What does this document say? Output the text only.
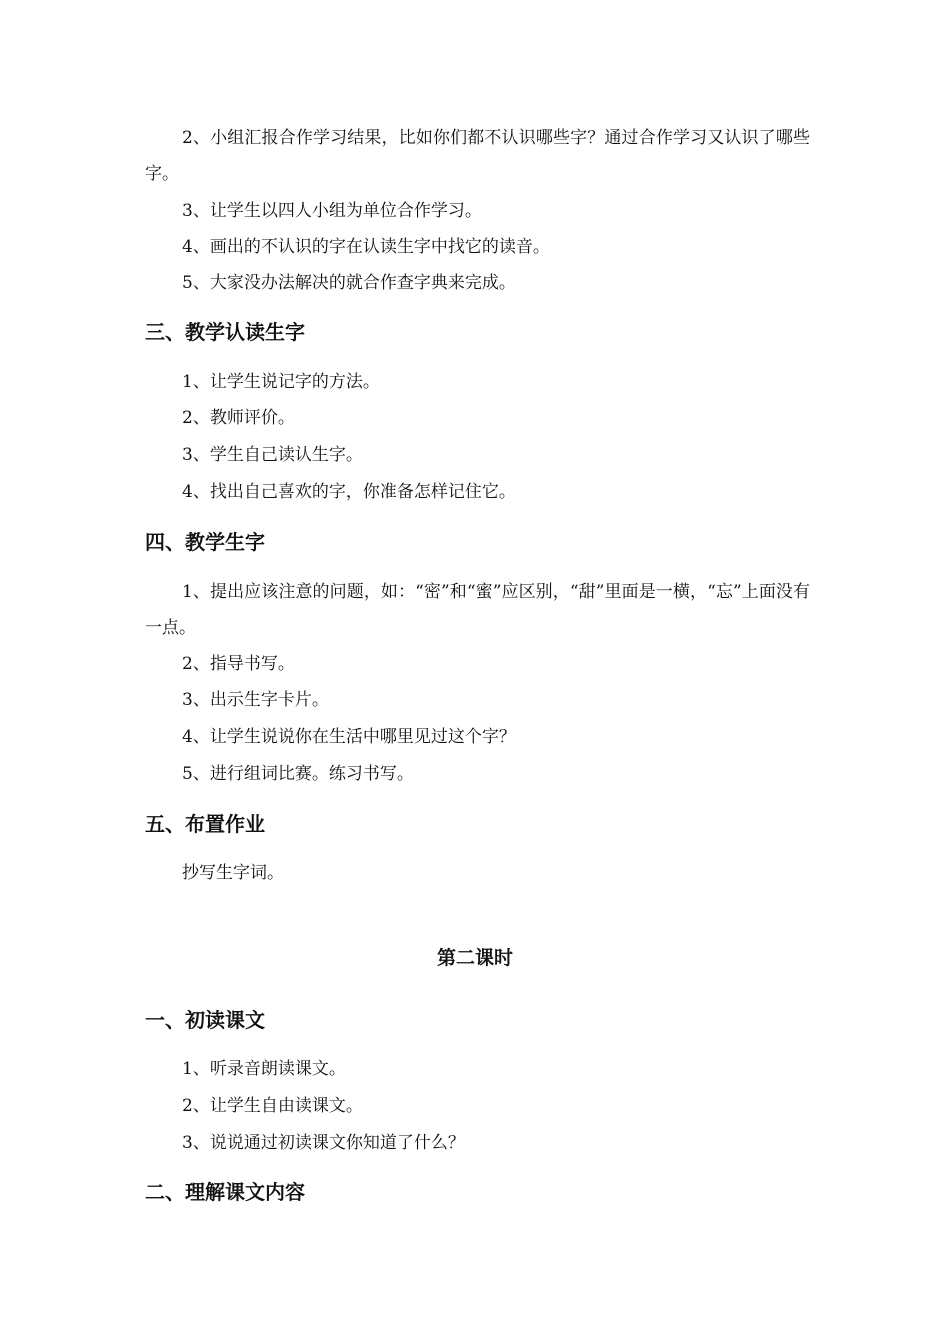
2、小组汇报合作学习结果，比如你们都不认识哪些字？通过合作学习又认识了哪些字。
3、让学生以四人小组为单位合作学习。
4、画出的不认识的字在认读生字中找它的读音。
5、大家没办法解决的就合作查字典来完成。
三、教学认读生字
1、让学生说记字的方法。
2、教师评价。
3、学生自己读认生字。
4、找出自己喜欢的字，你准备怎样记住它。
四、教学生字
1、提出应该注意的问题，如：“密”和“蜜”应区别，“甜”里面是一横，“忘”上面没有一点。
2、指导书写。
3、出示生字卡片。
4、让学生说说你在生活中哪里见过这个字？
5、进行组词比赛。练习书写。
五、布置作业
抄写生字词。
第二课时
一、初读课文
1、听录音朗读课文。
2、让学生自由读课文。
3、说说通过初读课文你知道了什么？
二、理解课文内容
